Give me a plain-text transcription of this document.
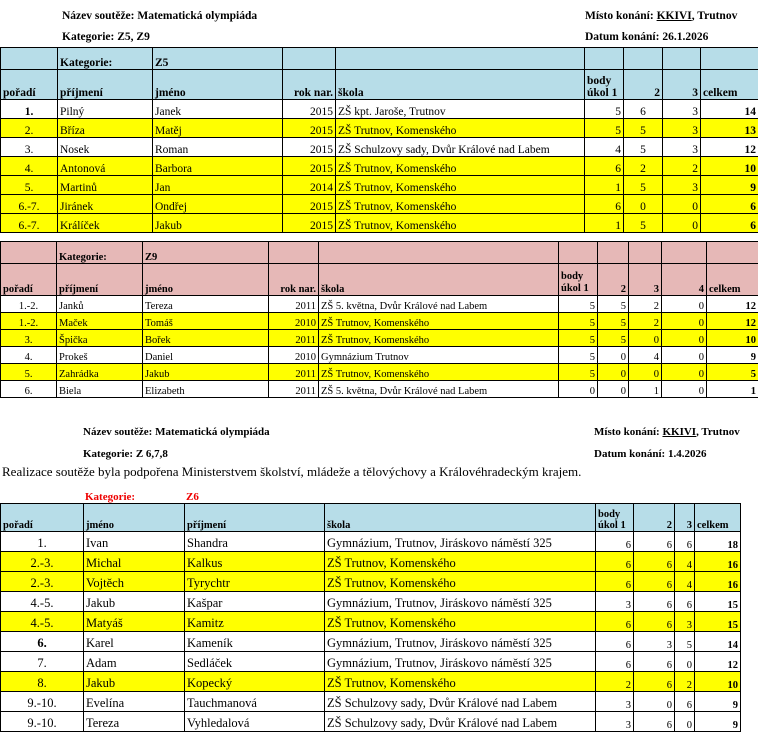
Název soutěže: Matematická olympiáda	Místo konání: KKIVI, Trutnov
Kategorie: Z5, Z9	Datum konání: 26.1.2026
	Kategorie:	Z5						
pořadí	příjmení	jméno	rok nar.	škola	body
úkol 1	2	3	celkem
1.	Pilný	Janek	2015	ZŠ kpt. Jaroše, Trutnov	5	6	3	14
2.	Bříza	Matěj	2015	ZŠ Trutnov, Komenského	5	5	3	13
3.	Nosek	Roman	2015	ZŠ Schulzovy sady, Dvůr Králové nad Labem	4	5	3	12
4.	Antonová	Barbora	2015	ZŠ Trutnov, Komenského	6	2	2	10
5.	Martinů	Jan	2014	ZŠ Trutnov, Komenského	1	5	3	9
6.-7.	Jiránek	Ondřej	2015	ZŠ Trutnov, Komenského	6	0	0	6
6.-7.	Králíček	Jakub	2015	ZŠ Trutnov, Komenského	1	5	0	6
	Kategorie:	Z9							
pořadí	příjmení	jméno	rok nar.	škola	body
úkol 1	2	3	4	celkem
1.-2.	Janků	Tereza	2011	ZŠ 5. května, Dvůr Králové nad Labem	5	5	2	0	12
1.-2.	Maček	Tomáš	2010	ZŠ Trutnov, Komenského	5	5	2	0	12
3.	Špička	Bořek	2011	ZŠ Trutnov, Komenského	5	5	0	0	10
4.	Prokeš	Daniel	2010	Gymnázium Trutnov	5	0	4	0	9
5.	Zahrádka	Jakub	2011	ZŠ Trutnov, Komenského	5	0	0	0	5
6.	Biela	Elizabeth	2011	ZŠ 5. května, Dvůr Králové nad Labem	0	0	1	0	1
Název soutěže: Matematická olympiáda	Místo konání: KKIVI, Trutnov
Kategorie: Z 6,7,8	Datum konání: 1.4.2026
Realizace soutěže byla podpořena Ministerstvem školství, mládeže a tělovýchovy a Královéhradeckým krajem.
	Kategorie:	Z6						
pořadí	jméno	příjmení	škola	body
úkol 1	2	3	celkem
1.	Ivan	Shandra	Gymnázium, Trutnov, Jiráskovo náměstí 325	6	6	6	18
2.-3.	Michal	Kalkus	ZŠ Trutnov, Komenského	6	6	4	16
2.-3.	Vojtěch	Tyrychtr	ZŠ Trutnov, Komenského	6	6	4	16
4.-5.	Jakub	Kašpar	Gymnázium, Trutnov, Jiráskovo náměstí 325	3	6	6	15
4.-5.	Matyáš	Kamitz	ZŠ Trutnov, Komenského	6	6	3	15
6.	Karel	Kameník	Gymnázium, Trutnov, Jiráskovo náměstí 325	6	3	5	14
7.	Adam	Sedláček	Gymnázium, Trutnov, Jiráskovo náměstí 325	6	6	0	12
8.	Jakub	Kopecký	ZŠ Trutnov, Komenského	2	6	2	10
9.-10.	Evelína	Tauchmanová	ZŠ Schulzovy sady, Dvůr Králové nad Labem	3	0	6	9
9.-10.	Tereza	Vyhledalová	ZŠ Schulzovy sady, Dvůr Králové nad Labem	3	6	0	9
